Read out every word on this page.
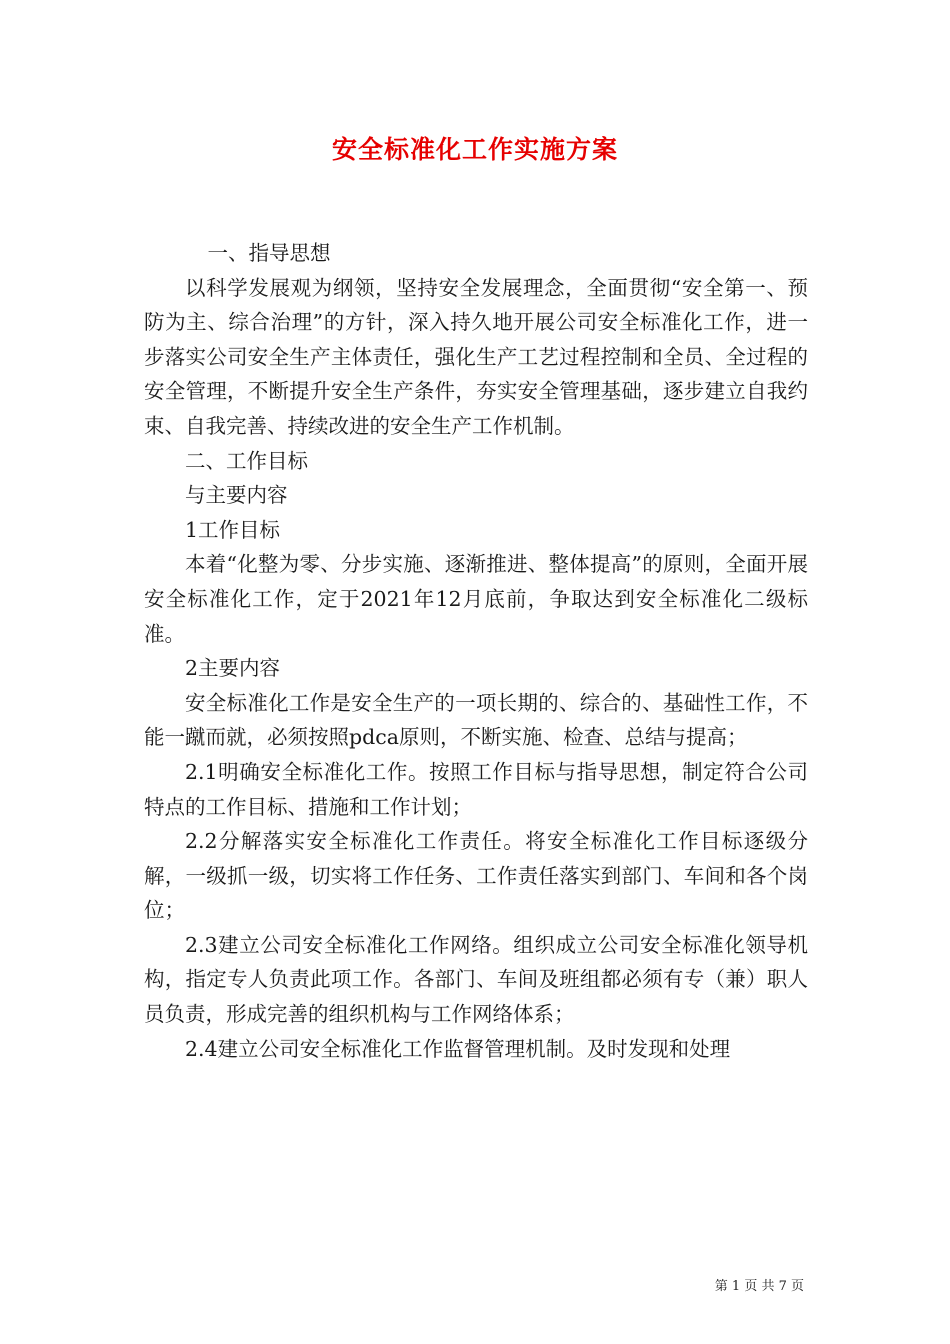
安全标准化工作实施方案

一、指导思想

以科学发展观为纲领，坚持安全发展理念，全面贯彻“安全第一、预防为主、综合治理”的方针，深入持久地开展公司安全标准化工作，进一步落实公司安全生产主体责任，强化生产工艺过程控制和全员、全过程的安全管理，不断提升安全生产条件，夯实安全管理基础，逐步建立自我约束、自我完善、持续改进的安全生产工作机制。

二、工作目标

与主要内容

1工作目标

本着“化整为零、分步实施、逐渐推进、整体提高”的原则，全面开展安全标准化工作，定于2021年12月底前，争取达到安全标准化二级标准。

2主要内容

安全标准化工作是安全生产的一项长期的、综合的、基础性工作，不能一蹴而就，必须按照pdca原则，不断实施、检查、总结与提高；

2.1明确安全标准化工作。按照工作目标与指导思想，制定符合公司特点的工作目标、措施和工作计划；

2.2分解落实安全标准化工作责任。将安全标准化工作目标逐级分解，一级抓一级，切实将工作任务、工作责任落实到部门、车间和各个岗位；

2.3建立公司安全标准化工作网络。组织成立公司安全标准化领导机构，指定专人负责此项工作。各部门、车间及班组都必须有专（兼）职人员负责，形成完善的组织机构与工作网络体系；

2.4建立公司安全标准化工作监督管理机制。及时发现和处理

第 1 页 共 7 页
